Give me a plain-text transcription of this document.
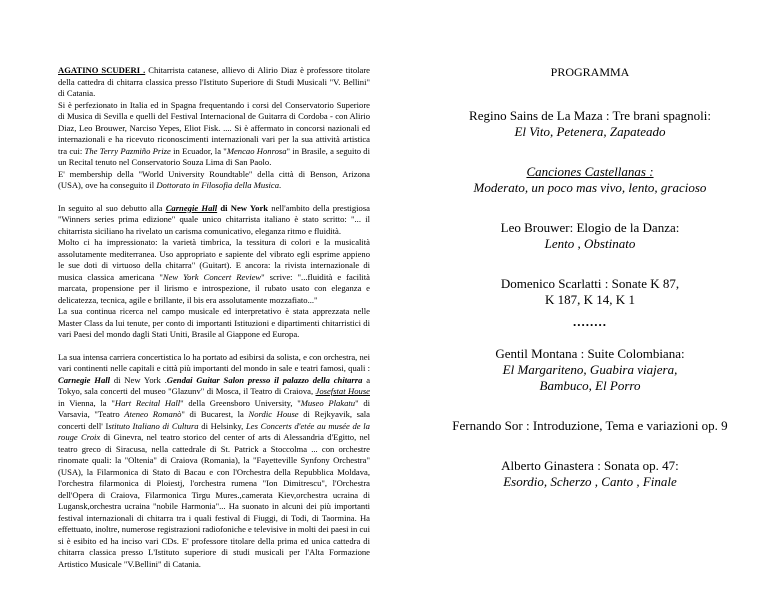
AGATINO SCUDERI . Chitarrista catanese, allievo di Alirio Diaz è professore titolare della cattedra di chitarra classica presso l'Istituto Superiore di Studi Musicali "V. Bellini" di Catania.
Si è perfezionato in Italia ed in Spagna frequentando i corsi del Conservatorio Superiore di Musica di Sevilla e quelli del Festival Internacional de Guitarra di Cordoba - con Alirio Diaz, Leo Brouwer, Narciso Yepes, Eliot Fisk. .... Si è affermato in concorsi nazionali ed internazionali e ha ricevuto riconoscimenti internazionali vari per la sua attività artistica tra cui: The Terry Pazmiño Prize in Ecuador, la "Mencao Honrosa" in Brasile, a seguito di un Recital tenuto nel Conservatorio Souza Lima di San Paolo.
E' membership della "World University Roundtable" della città di Benson, Arizona (USA), ove ha conseguito il Dottorato in Filosofia della Musica.

In seguito al suo debutto alla Carnegie Hall di New York nell'ambito della prestigiosa "Winners series prima edizione" quale unico chitarrista italiano è stato scritto: "... il chitarrista siciliano ha rivelato un carisma comunicativo, eleganza ritmo e fluidità.
Molto ci ha impressionato: la varietà timbrica, la tessitura di colori e la musicalità assolutamente mediterranea. Uso appropriato e sapiente del vibrato egli esprime appieno le sue doti di virtuoso della chitarra" (Guitart). E ancora: la rivista internazionale di musica classica americana "New York Concert Review" scrive: "...fluidità e facilità marcata, propensione per il lirismo e introspezione, il rubato usato con eleganza e delicatezza, tecnica, agile e brillante, il bis era assolutamente mozzafiato..."
La sua continua ricerca nel campo musicale ed interpretativo è stata apprezzata nelle Master Class da lui tenute, per conto di importanti Istituzioni e dipartimenti chitarristici di vari Paesi del mondo dagli Stati Uniti, Brasile al Giappone ed Europa.

La sua intensa carriera concertistica lo ha portato ad esibirsi da solista, e con orchestra, nei vari continenti nelle capitali e città più importanti del mondo in sale e teatri famosi, quali : Carnegie Hall di New York .Gendai Guitar Salon presso il palazzo della chitarra a Tokyo, sala concerti del museo "Glazunv" di Mosca, il Teatro di Craiova, Josefstat House in Vienna, la "Hart Recital Hall" della Greensboro University, "Museo Plakatu" di Varsavia, "Teatro Ateneo Romanò" di Bucarest, la Nordic House di Rejkyavik, sala concerti dell' Istituto Italiano di Cultura di Helsinky, Les Concerts d'etée au musée de la rouge Croix di Ginevra, nel teatro storico del center of arts di Alessandria d'Egitto, nel teatro greco di Siracusa, nella cattedrale di St. Patrick a Stoccolma ... con orchestre rinomate quali: la "Oltenia" di Craiova (Romania), la "Fayetteville Synfony Orchestra" (USA), la Filarmonica di Stato di Bacau e con l'Orchestra della Repubblica Moldava, l'orchestra filarmonica di Ploiestj, l'orchestra rumena "Ion Dimitrescu", l'Orchestra dell'Opera di Craiova, Filarmonica Tirgu Mures.,camerata Kiev,orchestra ucraina di Lugansk,orchestra ucraina "nobile Harmonia"... Ha suonato in alcuni dei più importanti festival internazionali di chitarra tra i quali festival di Fiuggi, di Todi, di Taormina. Ha effettuato, inoltre, numerose registrazioni radiofoniche e televisive in molti dei paesi in cui si è esibito ed ha inciso vari CDs. E' professore titolare della prima ed unica cattedra di chitarra classica presso L'Istituto superiore di studi musicali per l'Alta Formazione Artistico Musicale "V.Bellini" di Catania.

PROGRAMMA
Regino Sains de La Maza : Tre brani spagnoli:
El Vito, Petenera, Zapateado
Canciones Castellanas :
Moderato, un poco mas vivo, lento, gracioso
Leo Brouwer: Elogio de la Danza:
Lento , Obstinato
Domenico Scarlatti : Sonate K 87,
K 187, K 14, K 1
........
Gentil Montana : Suite Colombiana:
El Margariteno, Guabira viajera,
Bambuco, El Porro
Fernando Sor : Introduzione, Tema e variazioni op. 9
Alberto Ginastera : Sonata op. 47:
Esordio, Scherzo , Canto , Finale
